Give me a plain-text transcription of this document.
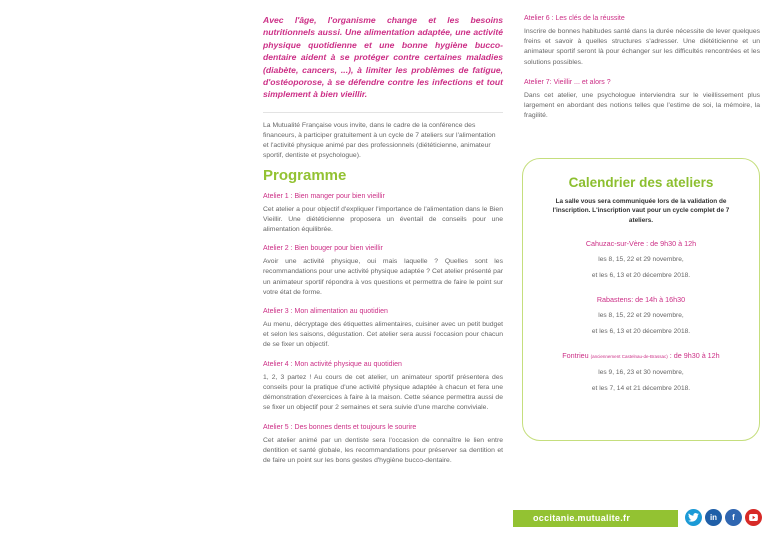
Avec l'âge, l'organisme change et les besoins nutritionnels aussi. Une alimentation adaptée, une activité physique quotidienne et une bonne hygiène bucco-dentaire aident à se protéger contre certaines maladies (diabète, cancers, ...), à limiter les problèmes de fatigue, d'ostéoporose, à se défendre contre les infections et tout simplement à bien vieillir.

La Mutualité Française vous invite, dans le cadre de la conférence des financeurs, à participer gratuitement à un cycle de 7 ateliers sur l'alimentation et l'activité physique animé par des professionnels (diététicienne, animateur sportif, dentiste et psychologue).

Programme
Atelier 1 : Bien manger pour bien vieillir

Cet atelier a pour objectif d'expliquer l'importance de l'alimentation dans le Bien Vieillir. Une diététicienne proposera un éventail de conseils pour une alimentation équilibrée.

Atelier 2 : Bien bouger pour bien vieillir

Avoir une activité physique, oui mais laquelle ? Quelles sont les recommandations pour une activité physique adaptée ? Cet atelier présenté par un animateur sportif répondra à vos questions et permettra de faire le point sur votre état de forme.

Atelier 3 : Mon alimentation au quotidien

Au menu, décryptage des étiquettes alimentaires, cuisiner avec un petit budget et selon les saisons, dégustation. Cet atelier sera aussi l'occasion pour chacun de se fixer un objectif.

Atelier 4 : Mon activité physique au quotidien

1, 2, 3 partez ! Au cours de cet atelier, un animateur sportif présentera des conseils pour la pratique d'une activité physique adaptée à chacun et fera une démonstration d'exercices à faire à la maison. Cette séance permettra aussi de se fixer un objectif pour 2 semaines et sera suivie d'une marche conviviale.

Atelier 5 : Des bonnes dents et toujours le sourire

Cet atelier animé par un dentiste sera l'occasion de connaître le lien entre dentition et santé globale, les recommandations pour préserver sa dentition et de faire un point sur les bons gestes d'hygiène bucco-dentaire.

Atelier 6 : Les clés de la réussite

Inscrire de bonnes habitudes santé dans la durée nécessite de lever quelques freins et savoir à quelles structures s'adresser. Une diététicienne et un animateur sportif seront là pour échanger sur les difficultés rencontrées et les solutions possibles.

Atelier 7: Vieillir ... et alors ?

Dans cet atelier, une psychologue interviendra sur le vieillissement plus largement en abordant des notions telles que l'estime de soi, la mémoire, la fragilité.

Calendrier des ateliers

La salle vous sera communiquée lors de la validation de l'inscription. L'inscription vaut pour un cycle complet de 7 ateliers.

Cahuzac-sur-Vère : de 9h30 à 12h
les 8, 15, 22 et 29 novembre,
et les 6, 13 et 20 décembre 2018.
Rabastens: de 14h à 16h30
les 8, 15, 22 et 29 novembre,
et les 6, 13 et 20 décembre 2018.
Fontrieu (anciennement Castelnau-de-Brassac) : de 9h30 à 12h
les 9, 16, 23 et 30 novembre,
et les 7, 14 et 21 décembre 2018.
occitanie.mutualite.fr	in	f
